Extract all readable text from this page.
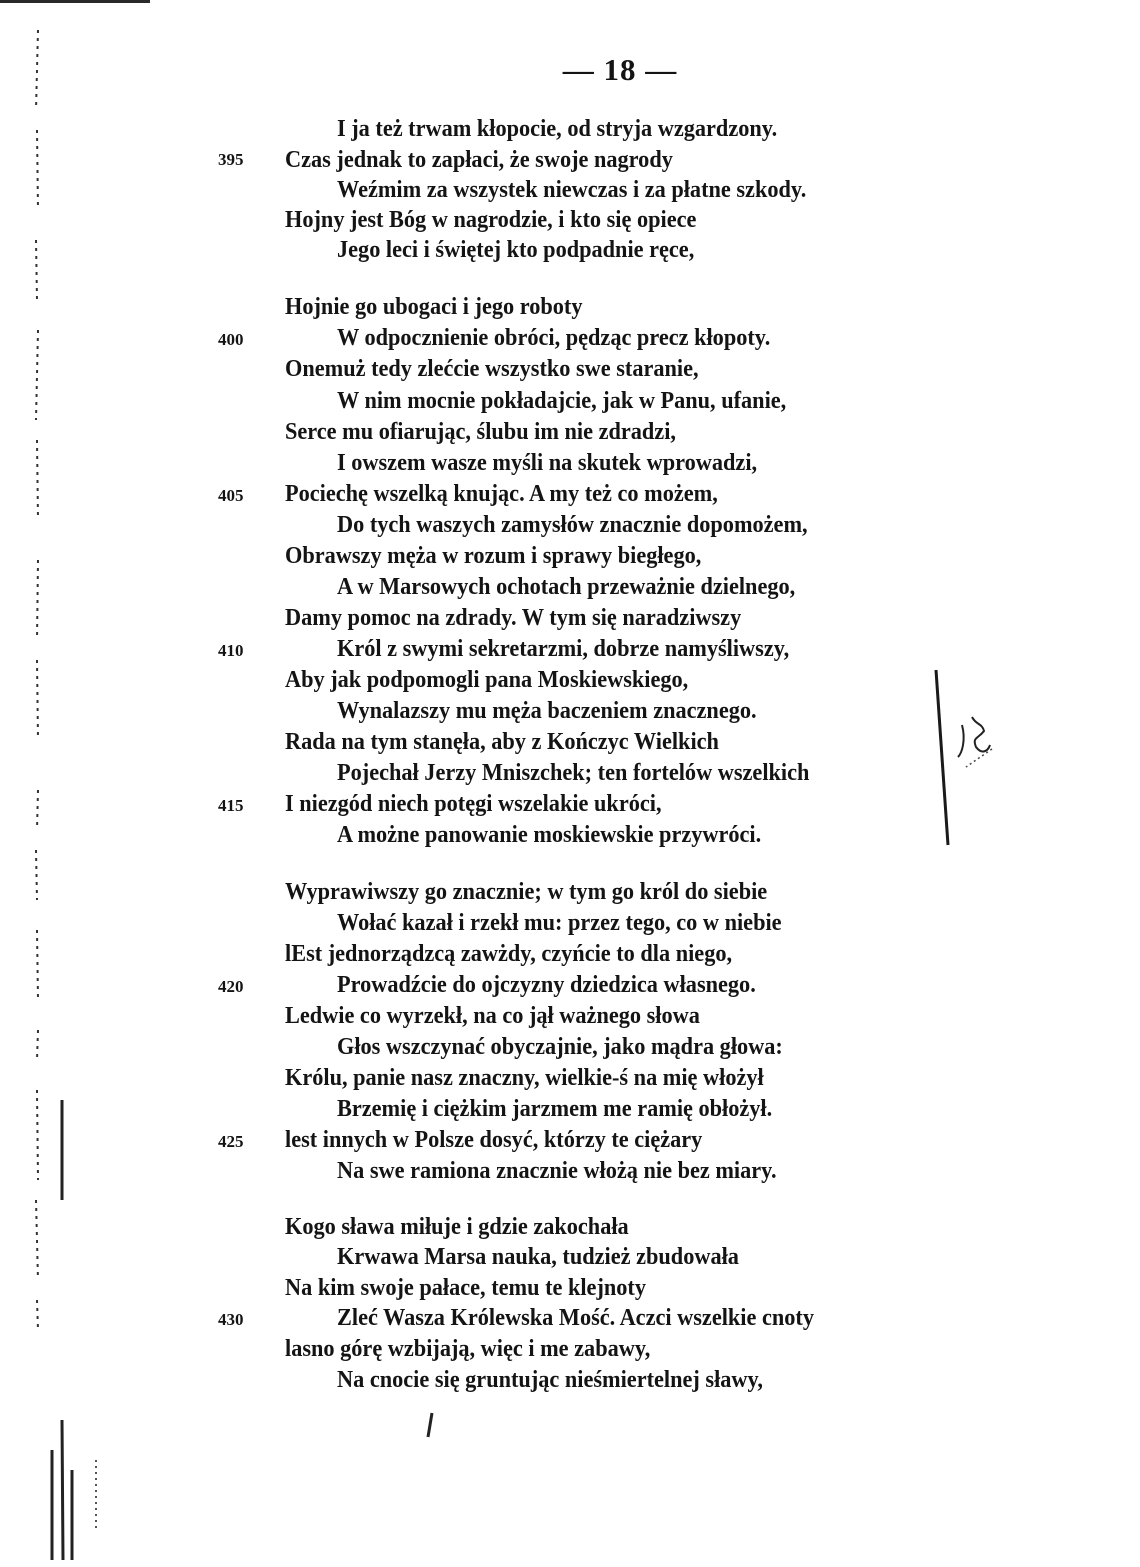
— 18 —
I ja też trwam kłopocie, od stryja wzgardzony.
395	Czas jednak to zapłaci, że swoje nagrody
Weźmim za wszystek niewczas i za płatne szkody.
Hojny jest Bóg w nagrodzie, i kto się opiece
Jego leci i świętej kto podpadnie ręce,
Hojnie go ubogaci i jego roboty
400	W odpocznienie obróci, pędząc precz kłopoty.
Onemuż tedy zlećcie wszystko swe staranie,
W nim mocnie pokładajcie, jak w Panu, ufanie,
Serce mu ofiarując, ślubu im nie zdradzi,
I owszem wasze myśli na skutek wprowadzi,
405	Pociechę wszelką knując. A my też co możem,
Do tych waszych zamysłów znacznie dopomożem,
Obrawszy męża w rozum i sprawy biegłego,
A w Marsowych ochotach przeważnie dzielnego,
Damy pomoc na zdrady. W tym się naradziwszy
410	Król z swymi sekretarzmi, dobrze namyśliwszy,
Aby jak podpomogli pana Moskiewskiego,
Wynalazszy mu męża baczeniem znacznego.
Rada na tym stanęła, aby z Kończyc Wielkich
Pojechał Jerzy Mniszchek; ten fortelów wszelkich
415	I niezgód niech potęgi wszelakie ukróci,
A możne panowanie moskiewskie przywróci.
Wyprawiwszy go znacznie; w tym go król do siebie
Wołać kazał i rzekł mu: przez tego, co w niebie
lEst jednorządzcą zawżdy, czyńcie to dla niego,
420	Prowadźcie do ojczyzny dziedzica własnego.
Ledwie co wyrzekł, na co jął ważnego słowa
Głos wszczynać obyczajnie, jako mądra głowa:
Królu, panie nasz znaczny, wielkie-ś na mię włożył
Brzemię i ciężkim jarzmem me ramię obłożył.
425	lest innych w Polsze dosyć, którzy te ciężary
Na swe ramiona znacznie włożą nie bez miary.
Kogo sława miłuje i gdzie zakochała
Krwawa Marsa nauka, tudzież zbudowała
Na kim swoje pałace, temu te klejnoty
430	Zleć Wasza Królewska Mość. Aczci wszelkie cnoty
lasno górę wzbijają, więc i me zabawy,
Na cnocie się gruntując nieśmiertelnej sławy,
